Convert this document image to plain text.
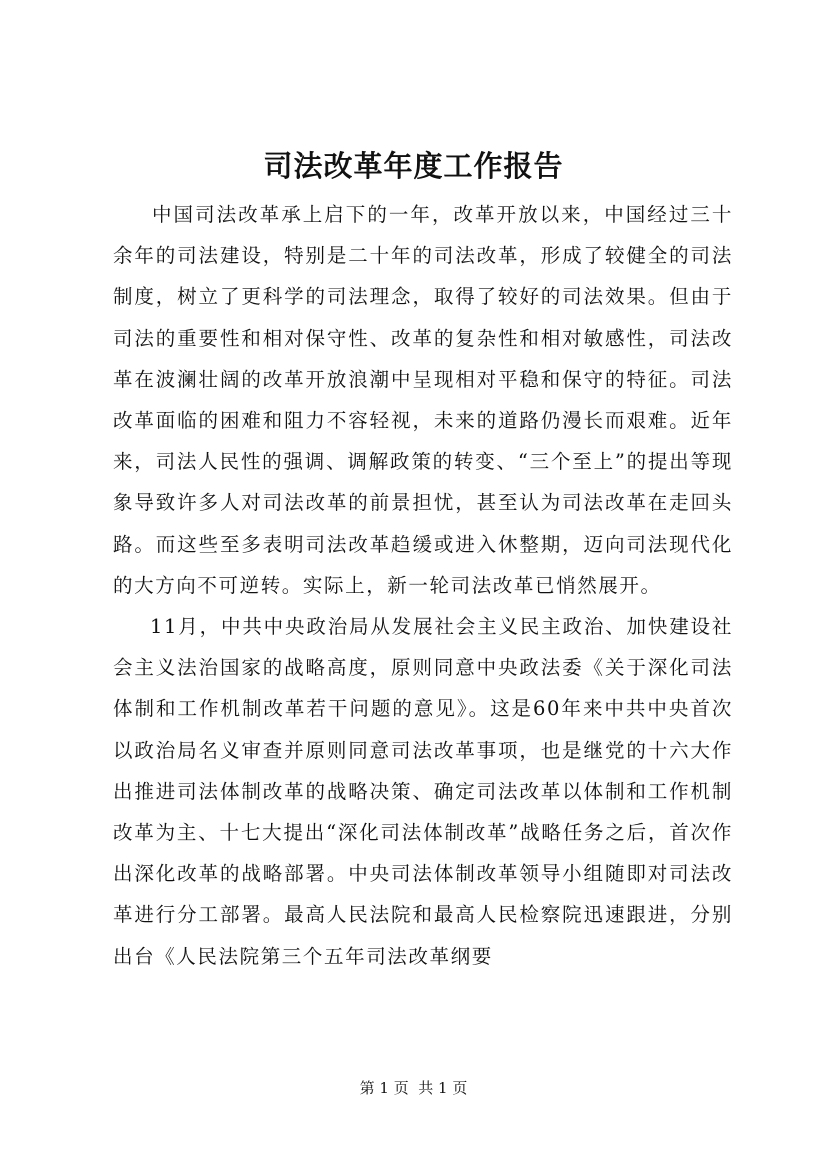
司法改革年度工作报告

中国司法改革承上启下的一年，改革开放以来，中国经过三十余年的司法建设，特别是二十年的司法改革，形成了较健全的司法制度，树立了更科学的司法理念，取得了较好的司法效果。但由于司法的重要性和相对保守性、改革的复杂性和相对敏感性，司法改革在波澜壮阔的改革开放浪潮中呈现相对平稳和保守的特征。司法改革面临的困难和阻力不容轻视，未来的道路仍漫长而艰难。近年来，司法人民性的强调、调解政策的转变、“三个至上”的提出等现象导致许多人对司法改革的前景担忧，甚至认为司法改革在走回头路。而这些至多表明司法改革趋缓或进入休整期，迈向司法现代化的大方向不可逆转。实际上，新一轮司法改革已悄然展开。

11月，中共中央政治局从发展社会主义民主政治、加快建设社会主义法治国家的战略高度，原则同意中央政法委《关于深化司法体制和工作机制改革若干问题的意见》。这是60年来中共中央首次以政治局名义审查并原则同意司法改革事项，也是继党的十六大作出推进司法体制改革的战略决策、确定司法改革以体制和工作机制改革为主、十七大提出“深化司法体制改革”战略任务之后，首次作出深化改革的战略部署。中央司法体制改革领导小组随即对司法改革进行分工部署。最高人民法院和最高人民检察院迅速跟进，分别出台《人民法院第三个五年司法改革纲要

第 1 页  共 1 页
